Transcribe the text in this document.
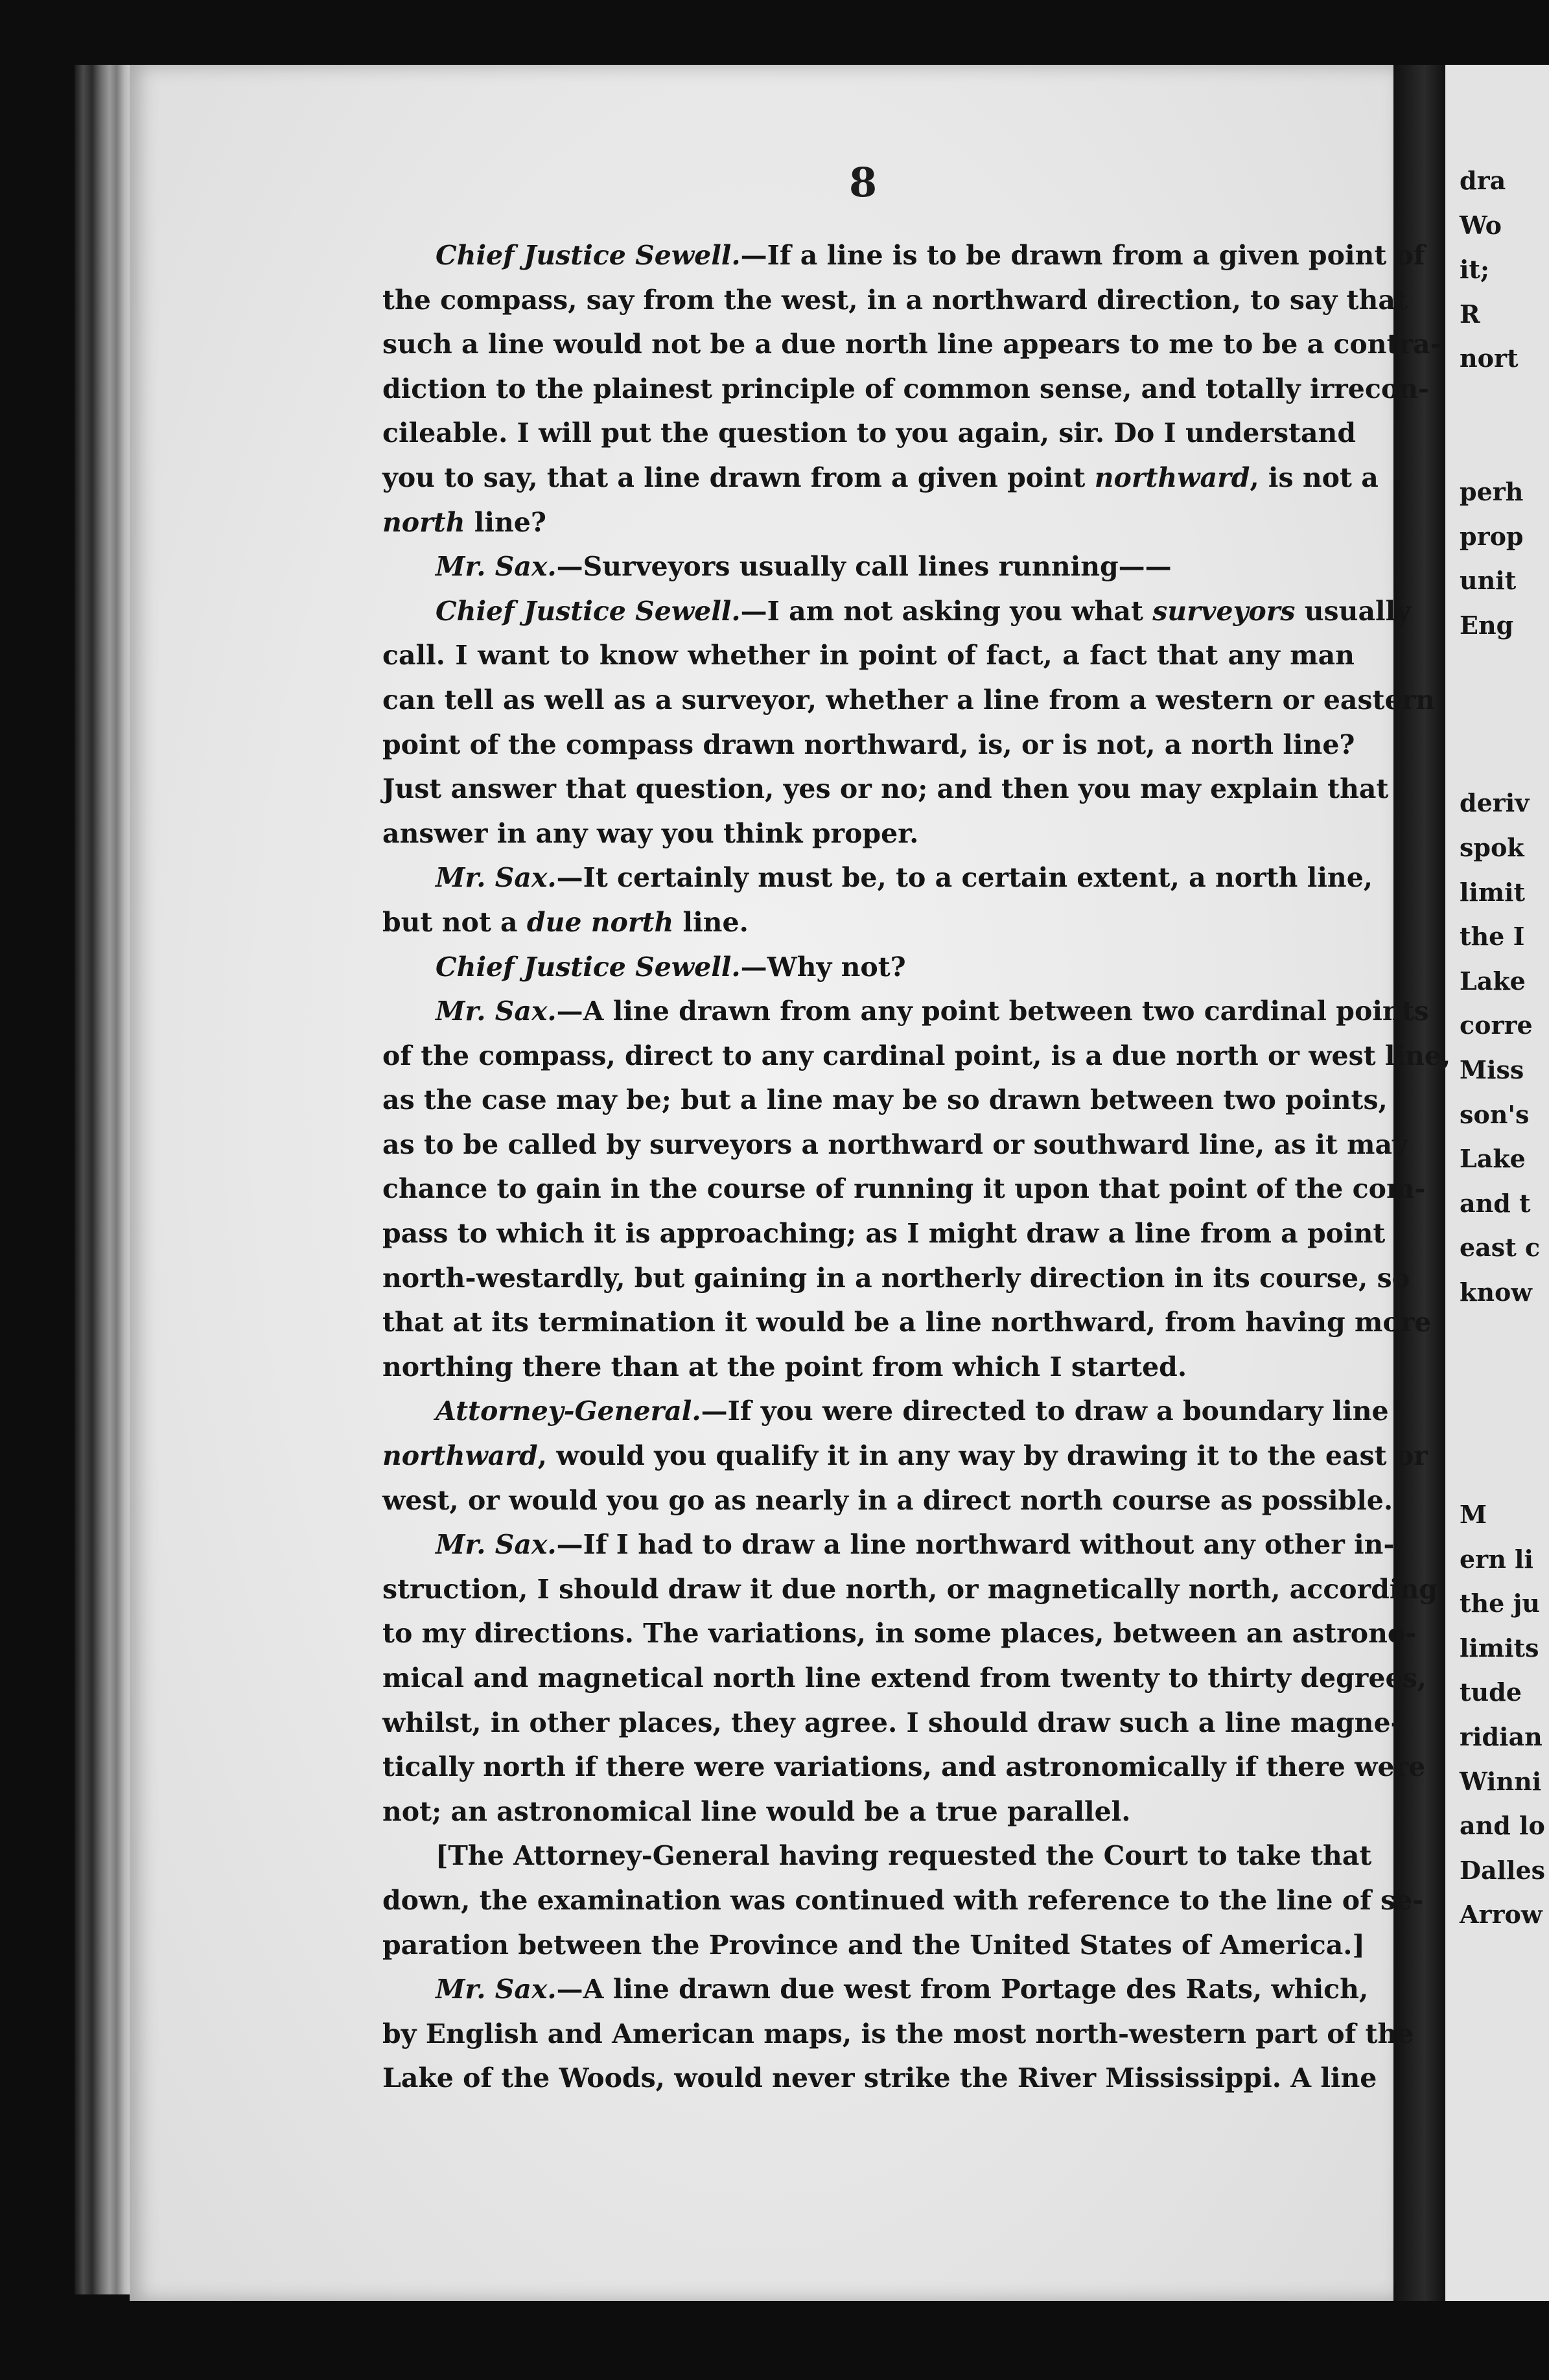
dra
Wo
it;
R
nort
perh
prop
unit
Eng
deriv
spok
limit
the I
Lake
corre
Miss
son's
Lake
and t
east c
know
M
ern li
the ju
limits
tude
ridian
Winni
and lo
Dalles
Arrow
8
Chief Justice Sewell.—If a line is to be drawn from a given point of
the compass, say from the west, in a northward direction, to say that
such a line would not be a due north line appears to me to be a contra-
diction to the plainest principle of common sense, and totally irrecon-
cileable. I will put the question to you again, sir. Do I understand
you to say, that a line drawn from a given point northward, is not a
north line?
Mr. Sax.—Surveyors usually call lines running——
Chief Justice Sewell.—I am not asking you what surveyors usually
call. I want to know whether in point of fact, a fact that any man
can tell as well as a surveyor, whether a line from a western or eastern
point of the compass drawn northward, is, or is not, a north line?
Just answer that question, yes or no; and then you may explain that
answer in any way you think proper.
Mr. Sax.—It certainly must be, to a certain extent, a north line,
but not a due north line.
Chief Justice Sewell.—Why not?
Mr. Sax.—A line drawn from any point between two cardinal points
of the compass, direct to any cardinal point, is a due north or west line,
as the case may be; but a line may be so drawn between two points,
as to be called by surveyors a northward or southward line, as it may
chance to gain in the course of running it upon that point of the com-
pass to which it is approaching; as I might draw a line from a point
north-westardly, but gaining in a northerly direction in its course, so
that at its termination it would be a line northward, from having more
northing there than at the point from which I started.
Attorney-General.—If you were directed to draw a boundary line
northward, would you qualify it in any way by drawing it to the east or
west, or would you go as nearly in a direct north course as possible.
Mr. Sax.—If I had to draw a line northward without any other in-
struction, I should draw it due north, or magnetically north, according
to my directions. The variations, in some places, between an astrono-
mical and magnetical north line extend from twenty to thirty degrees,
whilst, in other places, they agree. I should draw such a line magne-
tically north if there were variations, and astronomically if there were
not; an astronomical line would be a true parallel.
[The Attorney-General having requested the Court to take that
down, the examination was continued with reference to the line of se-
paration between the Province and the United States of America.]
Mr. Sax.—A line drawn due west from Portage des Rats, which,
by English and American maps, is the most north-western part of the
Lake of the Woods, would never strike the River Mississippi. A line
